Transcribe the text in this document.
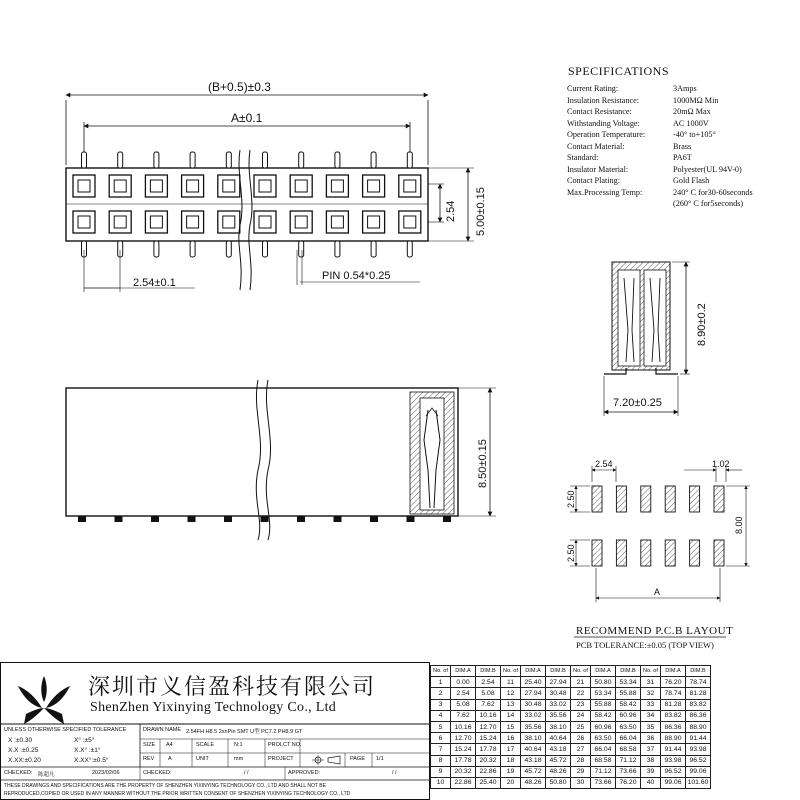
(B+0.5)±0.3
A±0.1
2.54 5.00±0.15
2.54±0.1
PIN 0.54*0.25
8.50±0.15
8.90±0.2
7.20±0.25
2.54	1.02
2.50
2.50
8.00
A
RECOMMEND P.C.B LAYOUT
PCB TOLERANCE:±0.05 (TOP VIEW)
SPECIFICATIONS
Current Rating:	3Amps
Insulation Resistance:	1000MΩ Min
Contact Resistance:	20mΩ Max
Withstanding Voltage:	AC 1000V
Operation Temperature:	-40° to+105°
Contact Material:	Brass
Standard:	PA6T
Insulator Material:	Polyester(UL 94V-0)
Contact Plating:	Gold Flash
Max.Processing Temp:	240° C for30-60seconds
(260° C for5seconds)
深圳市义信盈科技有限公司
ShenZhen Yixinying Technology Co., Ltd
UNLESS OTHERWISE SPECIFIED TOLERANCE
X :±0.30
X.X :±0.25
X.XX:±0.20
X° :±5°
X.X° :±1°
X.XX°:±0.5°
DRAWN NAME 2.54FH H8.5 2xnPin SMT U型 PC7.2 PH8.9 GT
SIZE A4	SCALE	N:1	PROLCT NO.
REV A	UNIT	mm	PROJECT	PAGE 1/1
CHECKED: 陈超凡	2023/02/06	CHECKED:	/ /	APPROVED:	/ /
THESE DRAWINGS AND SPECIFICATIONS ARE THE PROPERTY OF SHENZHEN YIXINYING TECHNOLOGY CO., LTD AND SHALL NOT BE
REPRODUCED,COPIED OR USED IN ANY MANNER WITHOUT THE PRIOR WRITTEN CONSENT OF SHENZHEN YIXINYING TECHNOLOGY CO., LTD
No. of	DIM.A	DIM.B	No. of	DIM.A	DIM.B	No. of	DIM.A	DIM.B	No. of	DIM.A	DIM.B
1	0.00	2.54	11	25.40	27.94	21	50.80	53.34	31	76.20	78.74
2	2.54	5.08	12	27.94	30.48	22	53.34	55.88	32	78.74	81.28
3	5.08	7.62	13	30.48	33.02	23	55.88	58.42	33	81.28	83.82
4	7.62	10.16	14	33.02	35.56	24	58.42	60.96	34	83.82	86.36
5	10.16	12.70	15	35.56	38.10	25	60.96	63.50	35	86.36	88.90
6	12.70	15.24	16	38.10	40.64	26	63.50	66.04	36	88.90	91.44
7	15.24	17.78	17	40.64	43.18	27	66.04	68.58	37	91.44	93.98
8	17.78	20.32	18	43.18	45.72	28	68.58	71.12	38	93.98	96.52
9	20.32	22.86	19	45.72	48.26	29	71.12	73.66	39	96.52	99.06
10	22.86	25.40	20	48.26	50.80	30	73.66	76.20	40	99.06	101.60
